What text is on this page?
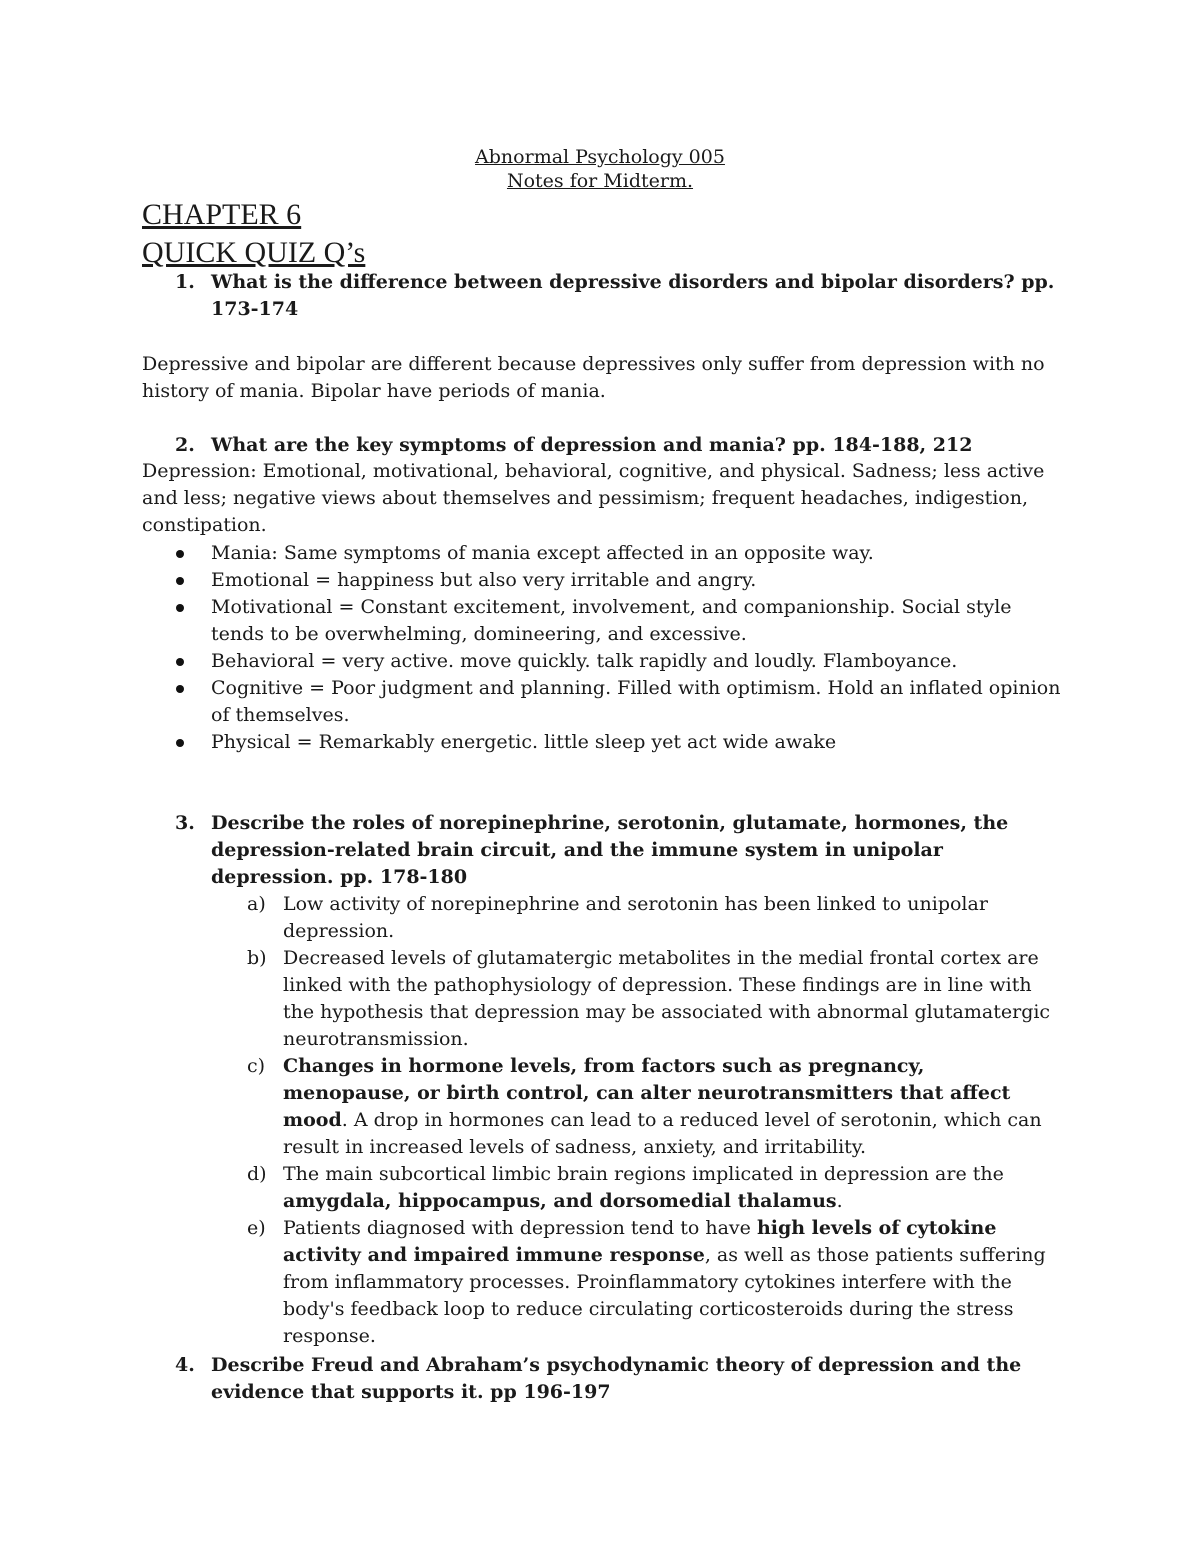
Abnormal Psychology 005
Notes for Midterm.
CHAPTER 6
QUICK QUIZ Q’s
1. What is the difference between depressive disorders and bipolar disorders? pp. 173-174
Depressive and bipolar are different because depressives only suffer from depression with no history of mania. Bipolar have periods of mania.
2. What are the key symptoms of depression and mania? pp. 184-188, 212
Depression: Emotional, motivational, behavioral, cognitive, and physical. Sadness; less active and less; negative views about themselves and pessimism; frequent headaches, indigestion, constipation.
Mania: Same symptoms of mania except affected in an opposite way.
Emotional = happiness but also very irritable and angry.
Motivational = Constant excitement, involvement, and companionship. Social style tends to be overwhelming, domineering, and excessive.
Behavioral = very active. move quickly. talk rapidly and loudly. Flamboyance.
Cognitive = Poor judgment and planning. Filled with optimism. Hold an inflated opinion of themselves.
Physical = Remarkably energetic. little sleep yet act wide awake
3. Describe the roles of norepinephrine, serotonin, glutamate, hormones, the depression-related brain circuit, and the immune system in unipolar depression. pp. 178-180
a) Low activity of norepinephrine and serotonin has been linked to unipolar depression.
b) Decreased levels of glutamatergic metabolites in the medial frontal cortex are linked with the pathophysiology of depression. These findings are in line with the hypothesis that depression may be associated with abnormal glutamatergic neurotransmission.
c) Changes in hormone levels, from factors such as pregnancy, menopause, or birth control, can alter neurotransmitters that affect mood. A drop in hormones can lead to a reduced level of serotonin, which can result in increased levels of sadness, anxiety, and irritability.
d) The main subcortical limbic brain regions implicated in depression are the amygdala, hippocampus, and dorsomedial thalamus.
e) Patients diagnosed with depression tend to have high levels of cytokine activity and impaired immune response, as well as those patients suffering from inflammatory processes. Proinflammatory cytokines interfere with the body's feedback loop to reduce circulating corticosteroids during the stress response.
4. Describe Freud and Abraham’s psychodynamic theory of depression and the evidence that supports it. pp 196-197
